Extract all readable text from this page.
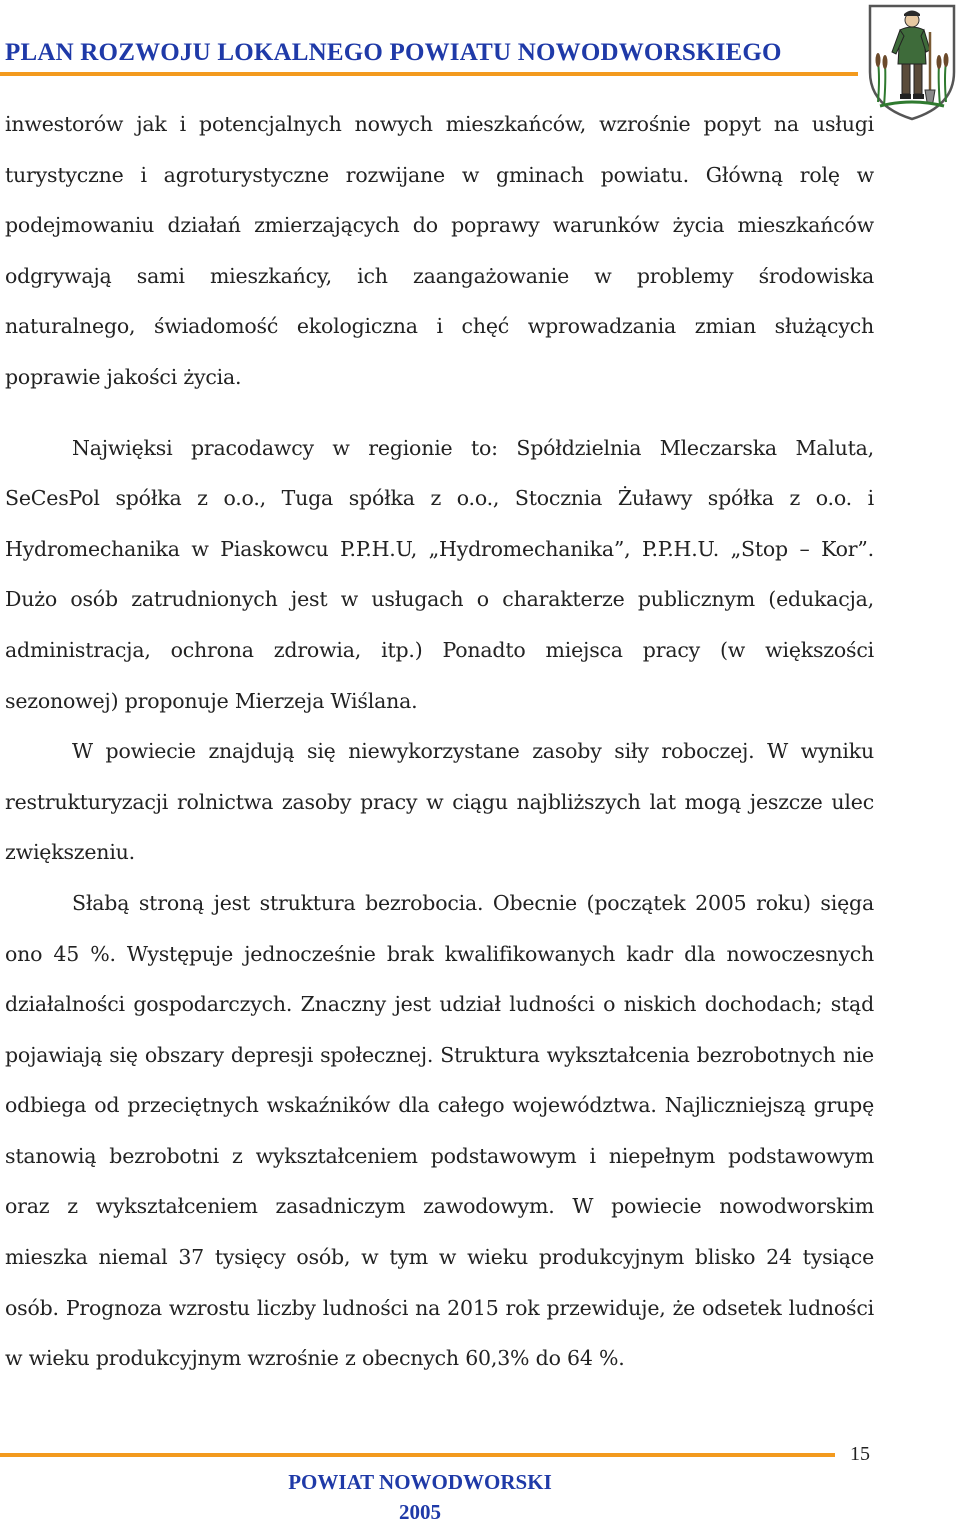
PLAN ROZWOJU LOKALNEGO POWIATU NOWODWORSKIEGO

inwestorów jak i potencjalnych nowych mieszkańców, wzrośnie popyt na usługi turystyczne i agroturystyczne rozwijane w gminach powiatu. Główną rolę w podejmowaniu działań zmierzających do poprawy warunków życia mieszkańców odgrywają sami mieszkańcy, ich zaangażowanie w problemy środowiska naturalnego, świadomość ekologiczna i chęć wprowadzania zmian służących poprawie jakości życia.

Najwięksi pracodawcy w regionie to: Spółdzielnia Mleczarska Maluta, SeCesPol spółka z o.o., Tuga spółka z o.o., Stocznia Żuławy spółka z o.o. i Hydromechanika w Piaskowcu P.P.H.U, „Hydromechanika”, P.P.H.U. „Stop – Kor”. Dużo osób zatrudnionych jest w usługach o charakterze publicznym (edukacja, administracja, ochrona zdrowia, itp.) Ponadto miejsca pracy (w większości sezonowej) proponuje Mierzeja Wiślana.

W powiecie znajdują się niewykorzystane zasoby siły roboczej. W wyniku restrukturyzacji rolnictwa zasoby pracy w ciągu najbliższych lat mogą jeszcze ulec zwiększeniu.

Słabą stroną jest struktura bezrobocia. Obecnie (początek 2005 roku) sięga ono 45 %. Występuje jednocześnie brak kwalifikowanych kadr dla nowoczesnych działalności gospodarczych. Znaczny jest udział ludności o niskich dochodach; stąd pojawiają się obszary depresji społecznej. Struktura wykształcenia bezrobotnych nie odbiega od przeciętnych wskaźników dla całego województwa. Najliczniejszą grupę stanowią bezrobotni z wykształceniem podstawowym i niepełnym podstawowym oraz z wykształceniem zasadniczym zawodowym. W powiecie nowodworskim mieszka niemal 37 tysięcy osób, w tym w wieku produkcyjnym blisko 24 tysiące osób. Prognoza wzrostu liczby ludności na 2015 rok przewiduje, że odsetek ludności w wieku produkcyjnym wzrośnie z obecnych 60,3% do 64 %.

15
POWIAT NOWODWORSKI
2005
